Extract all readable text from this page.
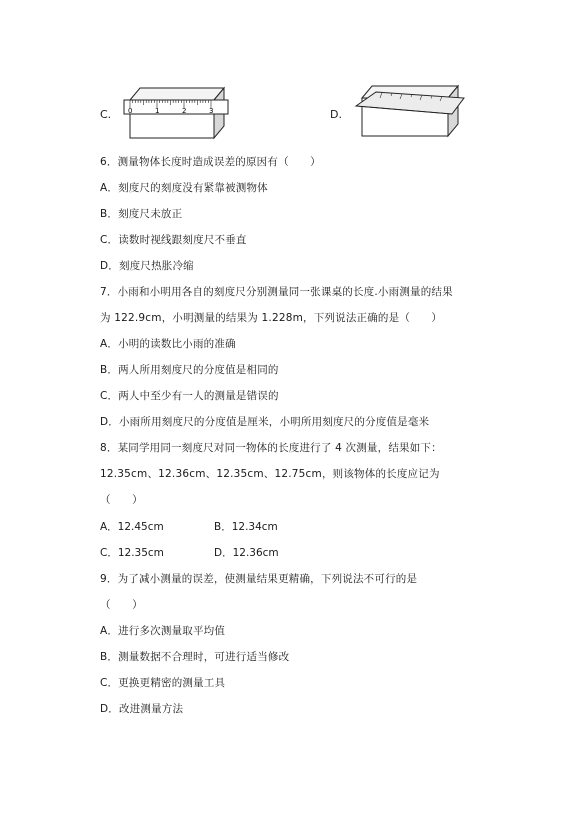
C. 0	1	2	3	D.
6．测量物体长度时造成误差的原因有（　　）
A．刻度尺的刻度没有紧靠被测物体
B．刻度尺未放正
C．读数时视线跟刻度尺不垂直
D．刻度尺热胀冷缩
7．小雨和小明用各自的刻度尺分别测量同一张课桌的长度.小雨测量的结果
为 122.9cm，小明测量的结果为 1.228m，下列说法正确的是（　　）
A．小明的读数比小雨的准确
B．两人所用刻度尺的分度值是相同的
C．两人中至少有一人的测量是错误的
D．小雨所用刻度尺的分度值是厘米，小明所用刻度尺的分度值是毫米
8．某同学用同一刻度尺对同一物体的长度进行了 4 次测量，结果如下：
12.35cm、12.36cm、12.35cm、12.75cm，则该物体的长度应记为
（　　）
A．12.45cm	B．12.34cm
C．12.35cm	D．12.36cm
9．为了减小测量的误差，使测量结果更精确，下列说法不可行的是
（　　）
A．进行多次测量取平均值
B．测量数据不合理时，可进行适当修改
C．更换更精密的测量工具
D．改进测量方法
